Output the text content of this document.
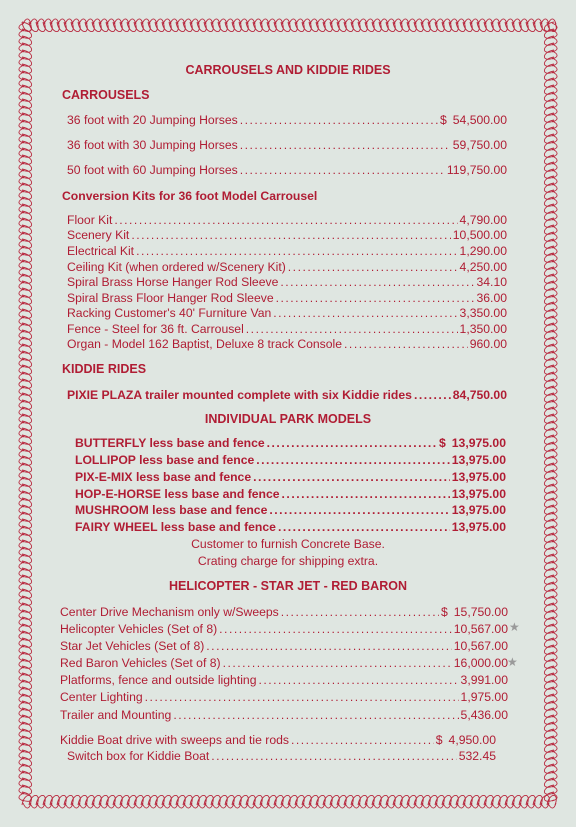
CARROUSELS AND KIDDIE RIDES
CARROUSELS
36 foot with 20 Jumping Horses .....	$ 54,500.00
36 foot with 30 Jumping Horses .....	59,750.00
50 foot with 60 Jumping Horses .....	119,750.00
Conversion Kits for 36 foot Model Carrousel
Floor Kit .....	4,790.00
Scenery Kit .....	10,500.00
Electrical Kit .....	1,290.00
Ceiling Kit (when ordered w/Scenery Kit) .....	4,250.00
Spiral Brass Horse Hanger Rod Sleeve .....	34.10
Spiral Brass Floor Hanger Rod Sleeve .....	36.00
Racking Customer's 40' Furniture Van .....	3,350.00
Fence - Steel for 36 ft. Carrousel .....	1,350.00
Organ - Model 162 Baptist, Deluxe 8 track Console .....	960.00
KIDDIE RIDES
PIXIE PLAZA trailer mounted complete with six Kiddie rides .....	84,750.00
INDIVIDUAL PARK MODELS
BUTTERFLY less base and fence .....	$ 13,975.00
LOLLIPOP less base and fence .....	13,975.00
PIX-E-MIX less base and fence .....	13,975.00
HOP-E-HORSE less base and fence .....	13,975.00
MUSHROOM less base and fence .....	13,975.00
FAIRY WHEEL less base and fence .....	13,975.00
Customer to furnish Concrete Base.
Crating charge for shipping extra.
HELICOPTER - STAR JET - RED BARON
Center Drive Mechanism only w/Sweeps .....	$ 15,750.00
Helicopter Vehicles (Set of 8) .....	10,567.00
Star Jet Vehicles (Set of 8) .....	10,567.00
Red Baron Vehicles (Set of 8) .....	16,000.00
Platforms, fence and outside lighting .....	3,991.00
Center Lighting .....	1,975.00
Trailer and Mounting .....	5,436.00
Kiddie Boat drive with sweeps and tie rods .....	$ 4,950.00
Switch box for Kiddie Boat .....	532.45
★
★
